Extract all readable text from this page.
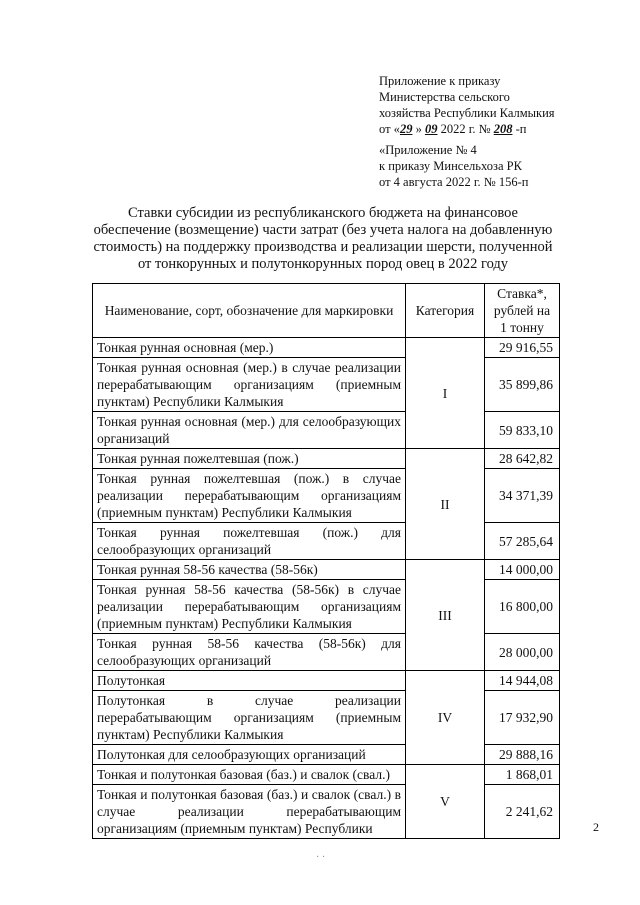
Приложение к приказу
Министерства сельского
хозяйства Республики Калмыкия
от «29 » 09 2022 г. № 208 -п
«Приложение № 4
к приказу Минсельхоза РК
от 4 августа 2022 г. № 156-п
Ставки субсидии из республиканского бюджета на финансовое обеспечение (возмещение) части затрат (без учета налога на добавленную стоимость) на поддержку производства и реализации шерсти, полученной от тонкорунных и полутонкорунных пород овец в 2022 году
Наименование, сорт, обозначение для маркировки	Категория	Ставка*, рублей на 1 тонну
Тонкая рунная основная (мер.)	I	29 916,55
Тонкая рунная основная (мер.) в случае реализации перерабатывающим организациям (приемным пунктам) Республики Калмыкия		35 899,86
Тонкая рунная основная (мер.) для селообразующих организаций		59 833,10
Тонкая рунная пожелтевшая (пож.)	II	28 642,82
Тонкая рунная пожелтевшая (пож.) в случае реализации перерабатывающим организациям (приемным пунктам) Республики Калмыкия		34 371,39
Тонкая рунная пожелтевшая (пож.) для селообразующих организаций		57 285,64
Тонкая рунная 58-56 качества (58-56к)	III	14 000,00
Тонкая рунная 58-56 качества (58-56к) в случае реализации перерабатывающим организациям (приемным пунктам) Республики Калмыкия		16 800,00
Тонкая рунная 58-56 качества (58-56к) для селообразующих организаций		28 000,00
Полутонкая	IV	14 944,08
Полутонкая в случае реализации перерабатывающим организациям (приемным пунктам) Республики Калмыкия		17 932,90
Полутонкая для селообразующих организаций		29 888,16
Тонкая и полутонкая базовая (баз.) и свалок (свал.)	V	1 868,01
Тонкая и полутонкая базовая (баз.) и свалок (свал.) в случае реализации перерабатывающим организациям (приемным пунктам) Республики		2 241,62
2
· ·
